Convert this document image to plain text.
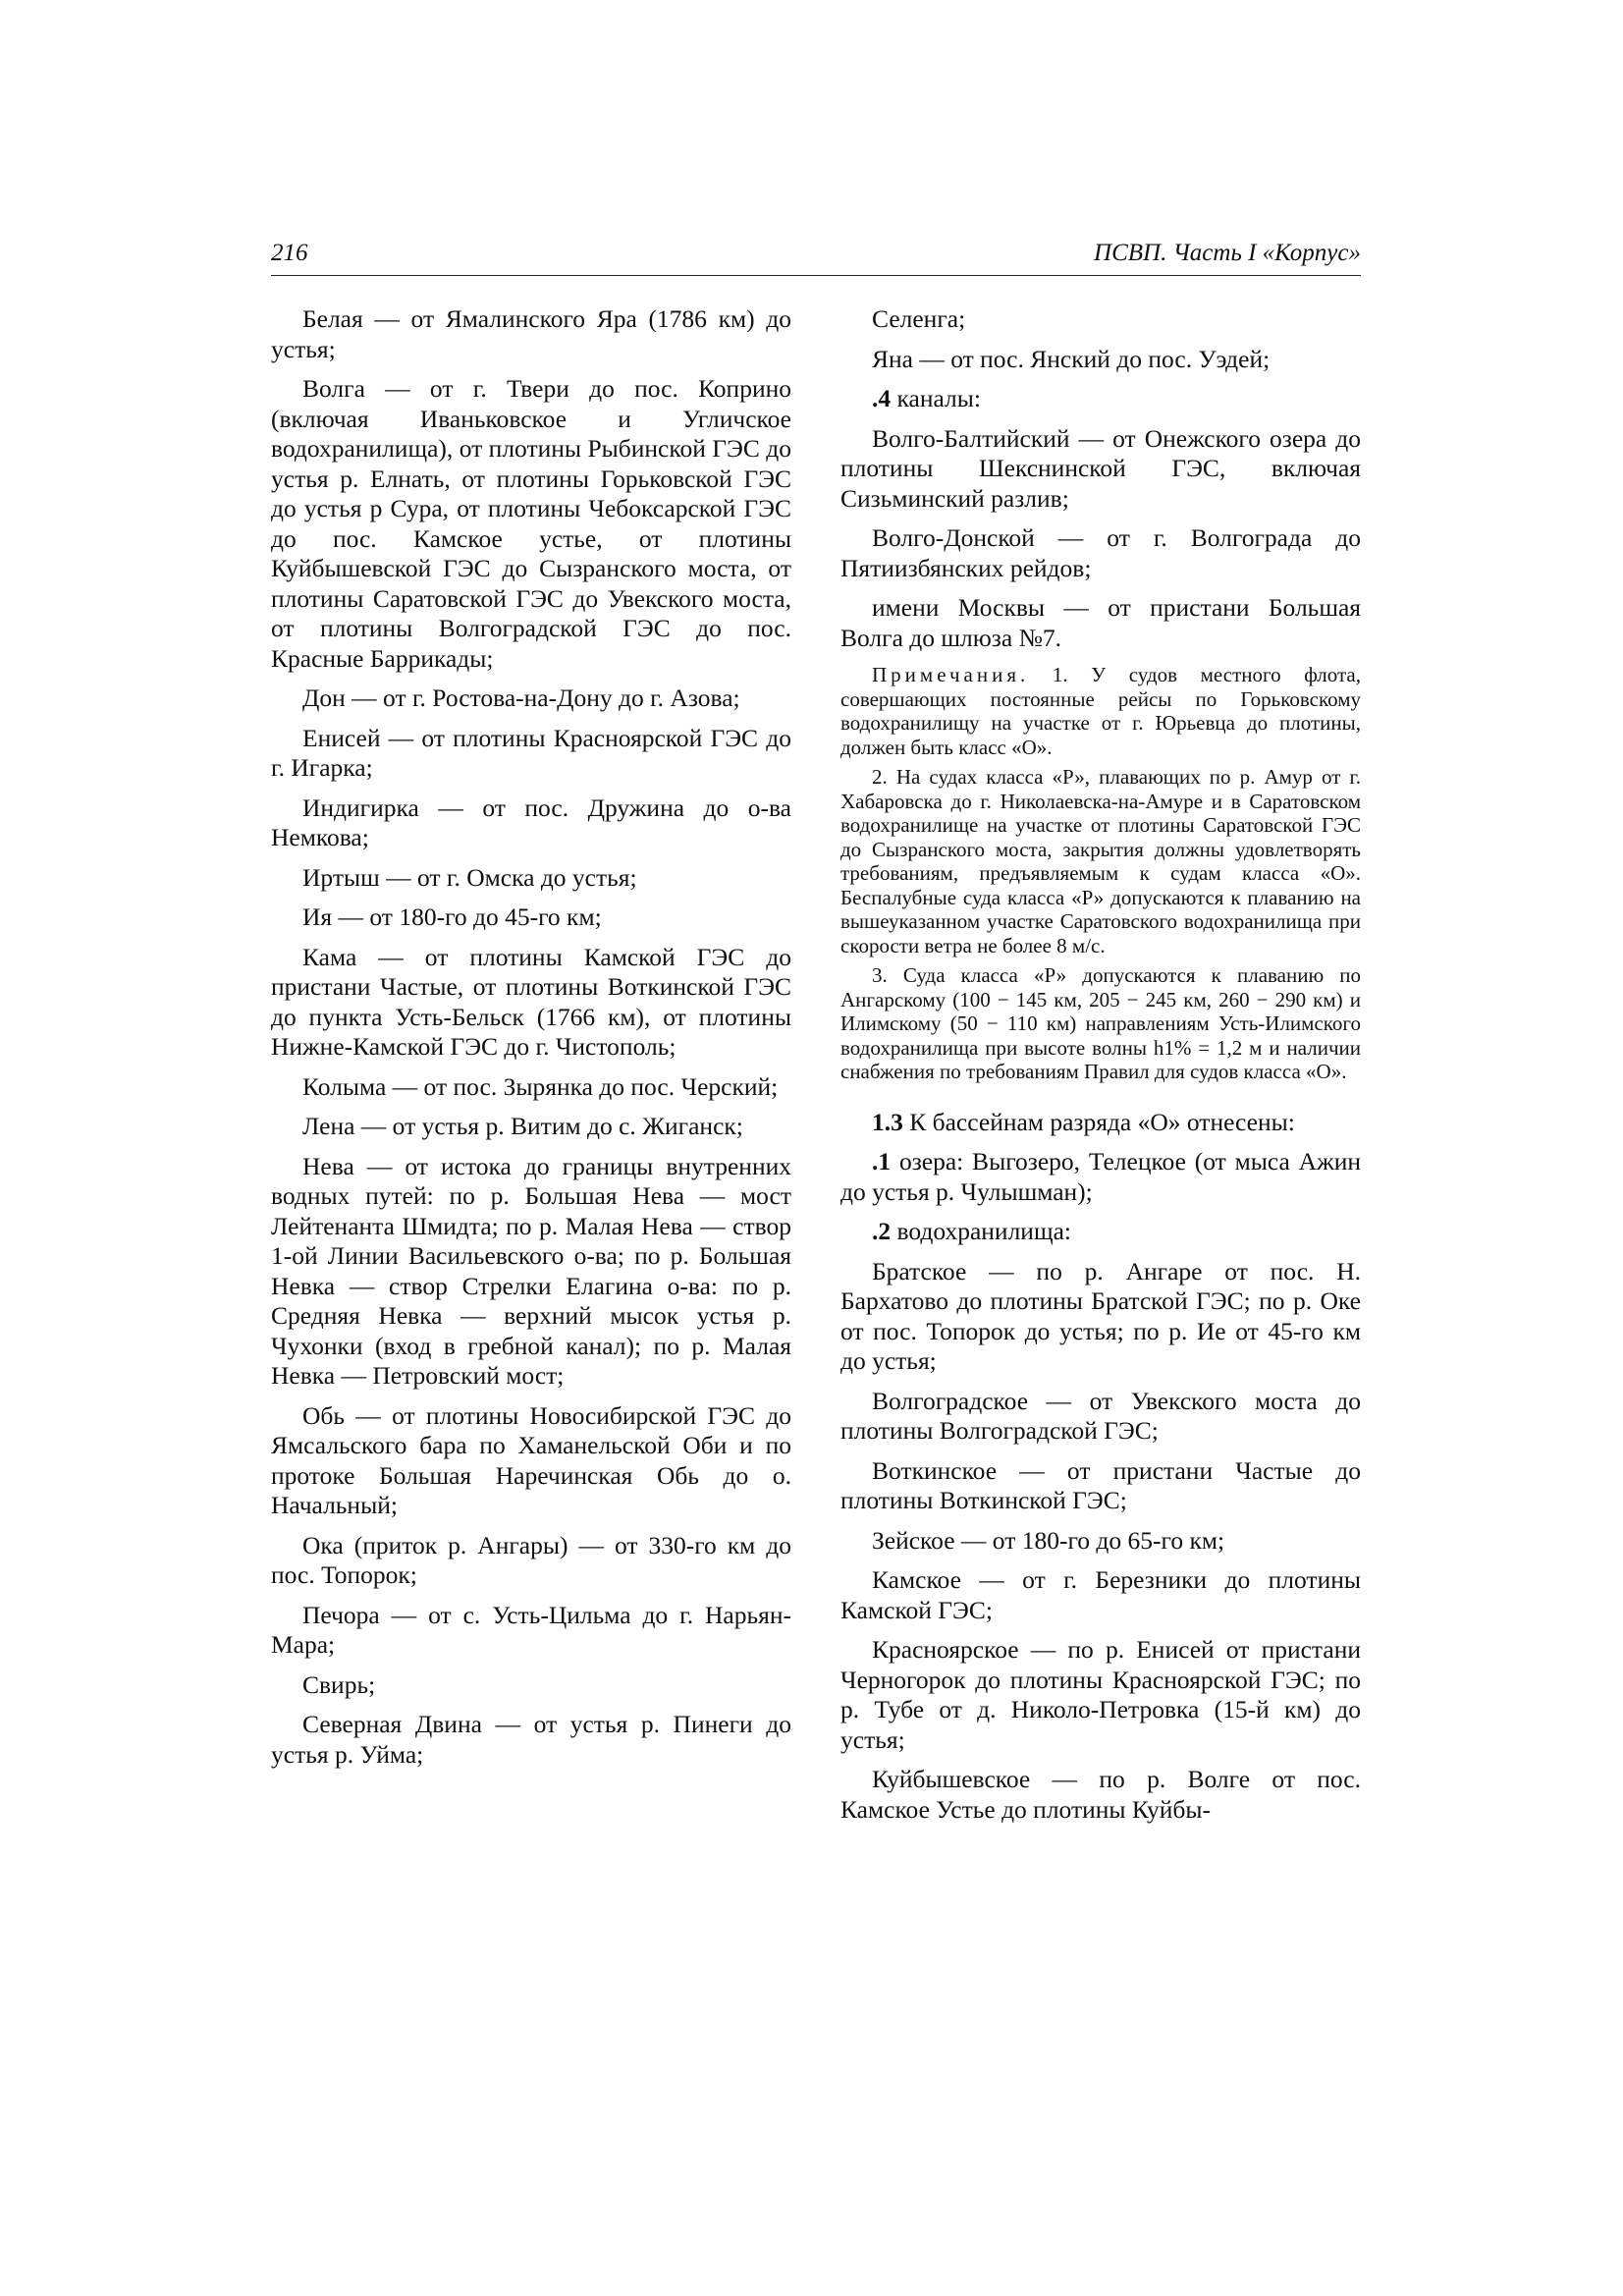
216	ПСВП. Часть I «Корпус»

Белая — от Ямалинского Яра (1786 км) до устья;

Волга — от г. Твери до пос. Коприно (включая Иваньковское и Угличское водохранилища), от плотины Рыбинской ГЭС до устья р. Елнать, от плотины Горьковской ГЭС до устья р Сура, от плотины Чебоксарской ГЭС до пос. Камское устье, от плотины Куйбышевской ГЭС до Сызранского моста, от плотины Саратовской ГЭС до Увекского моста, от плотины Волгоградской ГЭС до пос. Красные Баррикады;

Дон — от г. Ростова-на-Дону до г. Азова;

Енисей — от плотины Красноярской ГЭС до г. Игарка;

Индигирка — от пос. Дружина до о-ва Немкова;

Иртыш — от г. Омска до устья;

Ия — от 180-го до 45-го км;

Кама — от плотины Камской ГЭС до пристани Частые, от плотины Воткинской ГЭС до пункта Усть-Бельск (1766 км), от плотины Нижне-Камской ГЭС до г. Чистополь;

Колыма — от пос. Зырянка до пос. Черский;

Лена — от устья р. Витим до с. Жиганск;

Нева — от истока до границы внутренних водных путей: по р. Большая Нева — мост Лейтенанта Шмидта; по р. Малая Нева — створ 1-ой Линии Васильевского о-ва; по р. Большая Невка — створ Стрелки Елагина о-ва: по р. Средняя Невка — верхний мысок устья р. Чухонки (вход в гребной канал); по р. Малая Невка — Петровский мост;

Обь — от плотины Новосибирской ГЭС до Ямсальского бара по Хаманельской Оби и по протоке Большая Наречинская Обь до о. Начальный;

Ока (приток р. Ангары) — от 330-го км до пос. Топорок;

Печора — от с. Усть-Цильма до г. Нарьян-Мара;

Свирь;

Северная Двина — от устья р. Пинеги до устья р. Уйма;

Селенга;

Яна — от пос. Янский до пос. Уэдей;

.4 каналы:

Волго-Балтийский — от Онежского озера до плотины Шекснинской ГЭС, включая Сизьминский разлив;

Волго-Донской — от г. Волгограда до Пятиизбянских рейдов;

имени Москвы — от пристани Большая Волга до шлюза №7.

Примечания. 1. У судов местного флота, совершающих постоянные рейсы по Горьковскому водохранилищу на участке от г. Юрьевца до плотины, должен быть класс «О».

2. На судах класса «Р», плавающих по р. Амур от г. Хабаровска до г. Николаевска-на-Амуре и в Саратовском водохранилище на участке от плотины Саратовской ГЭС до Сызранского моста, закрытия должны удовлетворять требованиям, предъявляемым к судам класса «О». Беспалубные суда класса «Р» допускаются к плаванию на вышеуказанном участке Саратовского водохранилища при скорости ветра не более 8 м/с.

3. Суда класса «Р» допускаются к плаванию по Ангарскому (100 − 145 км, 205 − 245 км, 260 − 290 км) и Илимскому (50 − 110 км) направлениям Усть-Илимского водохранилища при высоте волны h1% = 1,2 м и наличии снабжения по требованиям Правил для судов класса «О».

1.3 К бассейнам разряда «О» отнесены:

.1 озера: Выгозеро, Телецкое (от мыса Ажин до устья р. Чулышман);

.2 водохранилища:

Братское — по р. Ангаре от пос. Н. Бархатово до плотины Братской ГЭС; по р. Оке от пос. Топорок до устья; по р. Ие от 45-го км до устья;

Волгоградское — от Увекского моста до плотины Волгоградской ГЭС;

Воткинское — от пристани Частые до плотины Воткинской ГЭС;

Зейское — от 180-го до 65-го км;

Камское — от г. Березники до плотины Камской ГЭС;

Красноярское — по р. Енисей от пристани Черногорок до плотины Красноярской ГЭС; по р. Тубе от д. Николо-Петровка (15-й км) до устья;

Куйбышевское — по р. Волге от пос. Камское Устье до плотины Куйбы-
